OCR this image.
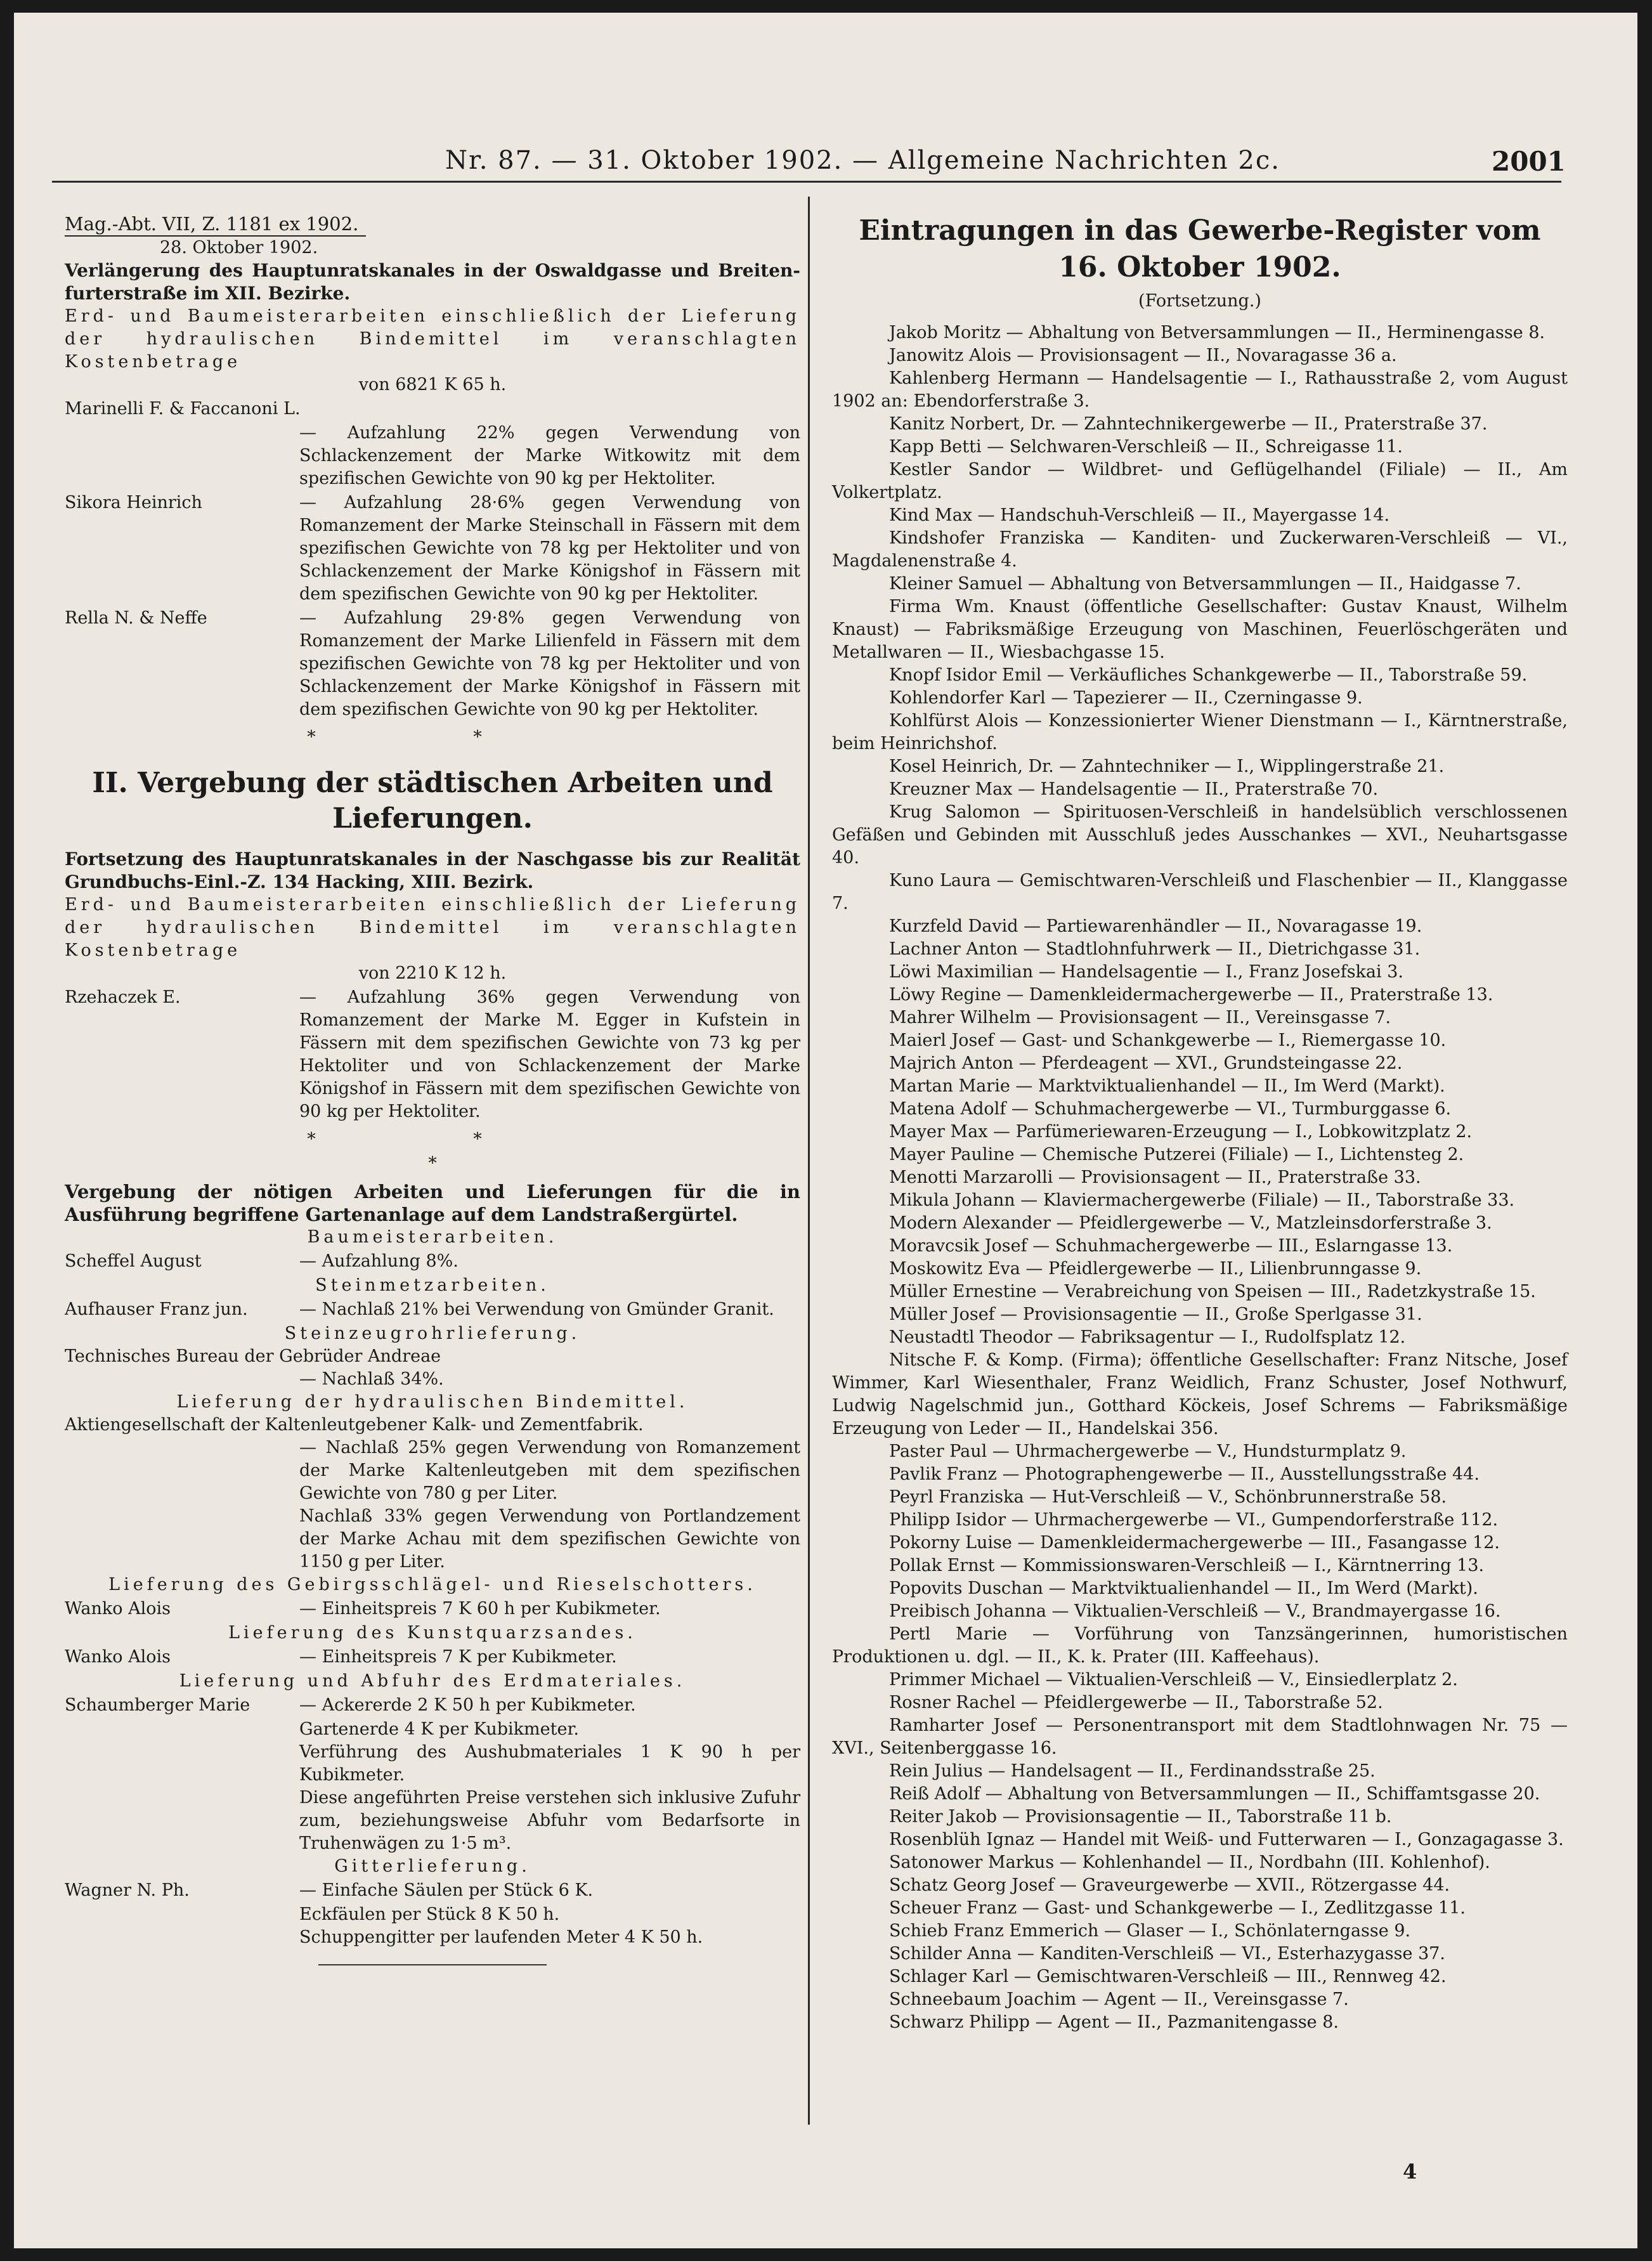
Nr. 87. — 31. Oktober 1902. — Allgemeine Nachrichten 2c.	2001

Mag.-Abt. VII, Z. 1181 ex 1902.

28. Oktober 1902.

Verlängerung des Hauptunratskanales in der Oswaldgasse und Breiten-furterstraße im XII. Bezirke.

Erd- und Baumeisterarbeiten einschließlich der Lieferung der hydraulischen Bindemittel im veranschlagten Kostenbetrage

von 6821 K 65 h.

Marinelli F. & Faccanoni L.

— Aufzahlung 22% gegen Verwendung von Schlackenzement der Marke Witkowitz mit dem spezifischen Gewichte von 90 kg per Hektoliter.

Sikora Heinrich	— Aufzahlung 28·6% gegen Verwendung von Romanzement der Marke Steinschall in Fässern mit dem spezifischen Gewichte von 78 kg per Hektoliter und von Schlackenzement der Marke Königshof in Fässern mit dem spezifischen Gewichte von 90 kg per Hektoliter.
Rella N. & Neffe	— Aufzahlung 29·8% gegen Verwendung von Romanzement der Marke Lilienfeld in Fässern mit dem spezifischen Gewichte von 78 kg per Hektoliter und von Schlackenzement der Marke Königshof in Fässern mit dem spezifischen Gewichte von 90 kg per Hektoliter.

* *

II. Vergebung der städtischen Arbeiten und Lieferungen.

Fortsetzung des Hauptunratskanales in der Naschgasse bis zur Realität Grundbuchs-Einl.-Z. 134 Hacking, XIII. Bezirk.

Erd- und Baumeisterarbeiten einschließlich der Lieferung der hydraulischen Bindemittel im veranschlagten Kostenbetrage

von 2210 K 12 h.

Rzehaczek E.	— Aufzahlung 36% gegen Verwendung von Romanzement der Marke M. Egger in Kufstein in Fässern mit dem spezifischen Gewichte von 73 kg per Hektoliter und von Schlackenzement der Marke Königshof in Fässern mit dem spezifischen Gewichte von 90 kg per Hektoliter.

* *

*

Vergebung der nötigen Arbeiten und Lieferungen für die in Ausführung begriffene Gartenanlage auf dem Landstraßergürtel.

Baumeisterarbeiten.

Scheffel August	— Aufzahlung 8%.

Steinmetzarbeiten.

Aufhauser Franz jun.	— Nachlaß 21% bei Verwendung von Gmünder Granit.

Steinzeugrohrlieferung.

Technisches Bureau der Gebrüder Andreae

— Nachlaß 34%.

Lieferung der hydraulischen Bindemittel.

Aktiengesellschaft der Kaltenleutgebener Kalk- und Zementfabrik.

— Nachlaß 25% gegen Verwendung von Romanzement der Marke Kaltenleutgeben mit dem spezifischen Gewichte von 780 g per Liter.

Nachlaß 33% gegen Verwendung von Portlandzement der Marke Achau mit dem spezifischen Gewichte von 1150 g per Liter.

Lieferung des Gebirgsschlägel- und Rieselschotters.

Wanko Alois	— Einheitspreis 7 K 60 h per Kubikmeter.

Lieferung des Kunstquarzsandes.

Wanko Alois	— Einheitspreis 7 K per Kubikmeter.

Lieferung und Abfuhr des Erdmateriales.

Schaumberger Marie	— Ackererde 2 K 50 h per Kubikmeter.

Gartenerde 4 K per Kubikmeter.

Verführung des Aushubmateriales 1 K 90 h per Kubikmeter.

Diese angeführten Preise verstehen sich inklusive Zufuhr zum, beziehungsweise Abfuhr vom Bedarfsorte in Truhenwägen zu 1·5 m³.

Gitterlieferung.

Wagner N. Ph.	— Einfache Säulen per Stück 6 K.

Eckfäulen per Stück 8 K 50 h.

Schuppengitter per laufenden Meter 4 K 50 h.

Eintragungen in das Gewerbe-Register vom 16. Oktober 1902.

(Fortsetzung.)

Jakob Moritz — Abhaltung von Betversammlungen — II., Herminengasse 8.

Janowitz Alois — Provisionsagent — II., Novaragasse 36 a.

Kahlenberg Hermann — Handelsagentie — I., Rathausstraße 2, vom August 1902 an: Ebendorferstraße 3.

Kanitz Norbert, Dr. — Zahntechnikergewerbe — II., Praterstraße 37.

Kapp Betti — Selchwaren-Verschleiß — II., Schreigasse 11.

Kestler Sandor — Wildbret- und Geflügelhandel (Filiale) — II., Am Volkertplatz.

Kind Max — Handschuh-Verschleiß — II., Mayergasse 14.

Kindshofer Franziska — Kanditen- und Zuckerwaren-Verschleiß — VI., Magdalenenstraße 4.

Kleiner Samuel — Abhaltung von Betversammlungen — II., Haidgasse 7.

Firma Wm. Knaust (öffentliche Gesellschafter: Gustav Knaust, Wilhelm Knaust) — Fabriksmäßige Erzeugung von Maschinen, Feuerlöschgeräten und Metallwaren — II., Wiesbachgasse 15.

Knopf Isidor Emil — Verkäufliches Schankgewerbe — II., Taborstraße 59.

Kohlendorfer Karl — Tapezierer — II., Czerningasse 9.

Kohlfürst Alois — Konzessionierter Wiener Dienstmann — I., Kärntnerstraße, beim Heinrichshof.

Kosel Heinrich, Dr. — Zahntechniker — I., Wipplingerstraße 21.

Kreuzner Max — Handelsagentie — II., Praterstraße 70.

Krug Salomon — Spirituosen-Verschleiß in handelsüblich verschlossenen Gefäßen und Gebinden mit Ausschluß jedes Ausschankes — XVI., Neuhartsgasse 40.

Kuno Laura — Gemischtwaren-Verschleiß und Flaschenbier — II., Klanggasse 7.

Kurzfeld David — Partiewarenhändler — II., Novaragasse 19.

Lachner Anton — Stadtlohnfuhrwerk — II., Dietrichgasse 31.

Löwi Maximilian — Handelsagentie — I., Franz Josefskai 3.

Löwy Regine — Damenkleidermachergewerbe — II., Praterstraße 13.

Mahrer Wilhelm — Provisionsagent — II., Vereinsgasse 7.

Maierl Josef — Gast- und Schankgewerbe — I., Riemergasse 10.

Majrich Anton — Pferdeagent — XVI., Grundsteingasse 22.

Martan Marie — Marktviktualienhandel — II., Im Werd (Markt).

Matena Adolf — Schuhmachergewerbe — VI., Turmburggasse 6.

Mayer Max — Parfümeriewaren-Erzeugung — I., Lobkowitzplatz 2.

Mayer Pauline — Chemische Putzerei (Filiale) — I., Lichtensteg 2.

Menotti Marzarolli — Provisionsagent — II., Praterstraße 33.

Mikula Johann — Klaviermachergewerbe (Filiale) — II., Taborstraße 33.

Modern Alexander — Pfeidlergewerbe — V., Matzleinsdorferstraße 3.

Moravcsik Josef — Schuhmachergewerbe — III., Eslarngasse 13.

Moskowitz Eva — Pfeidlergewerbe — II., Lilienbrunngasse 9.

Müller Ernestine — Verabreichung von Speisen — III., Radetzkystraße 15.

Müller Josef — Provisionsagentie — II., Große Sperlgasse 31.

Neustadtl Theodor — Fabriksagentur — I., Rudolfsplatz 12.

Nitsche F. & Komp. (Firma); öffentliche Gesellschafter: Franz Nitsche, Josef Wimmer, Karl Wiesenthaler, Franz Weidlich, Franz Schuster, Josef Nothwurf, Ludwig Nagelschmid jun., Gotthard Köckeis, Josef Schrems — Fabriksmäßige Erzeugung von Leder — II., Handelskai 356.

Paster Paul — Uhrmachergewerbe — V., Hundsturmplatz 9.

Pavlik Franz — Photographengewerbe — II., Ausstellungsstraße 44.

Peyrl Franziska — Hut-Verschleiß — V., Schönbrunnerstraße 58.

Philipp Isidor — Uhrmachergewerbe — VI., Gumpendorferstraße 112.

Pokorny Luise — Damenkleidermachergewerbe — III., Fasangasse 12.

Pollak Ernst — Kommissionswaren-Verschleiß — I., Kärntnerring 13.

Popovits Duschan — Marktviktualienhandel — II., Im Werd (Markt).

Preibisch Johanna — Viktualien-Verschleiß — V., Brandmayergasse 16.

Pertl Marie — Vorführung von Tanzsängerinnen, humoristischen Produktionen u. dgl. — II., K. k. Prater (III. Kaffeehaus).

Primmer Michael — Viktualien-Verschleiß — V., Einsiedlerplatz 2.

Rosner Rachel — Pfeidlergewerbe — II., Taborstraße 52.

Ramharter Josef — Personentransport mit dem Stadtlohnwagen Nr. 75 — XVI., Seitenberggasse 16.

Rein Julius — Handelsagent — II., Ferdinandsstraße 25.

Reiß Adolf — Abhaltung von Betversammlungen — II., Schiffamtsgasse 20.

Reiter Jakob — Provisionsagentie — II., Taborstraße 11 b.

Rosenblüh Ignaz — Handel mit Weiß- und Futterwaren — I., Gonzagagasse 3.

Satonower Markus — Kohlenhandel — II., Nordbahn (III. Kohlenhof).

Schatz Georg Josef — Graveurgewerbe — XVII., Rötzergasse 44.

Scheuer Franz — Gast- und Schankgewerbe — I., Zedlitzgasse 11.

Schieb Franz Emmerich — Glaser — I., Schönlaterngasse 9.

Schilder Anna — Kanditen-Verschleiß — VI., Esterhazygasse 37.

Schlager Karl — Gemischtwaren-Verschleiß — III., Rennweg 42.

Schneebaum Joachim — Agent — II., Vereinsgasse 7.

Schwarz Philipp — Agent — II., Pazmanitengasse 8.

4
